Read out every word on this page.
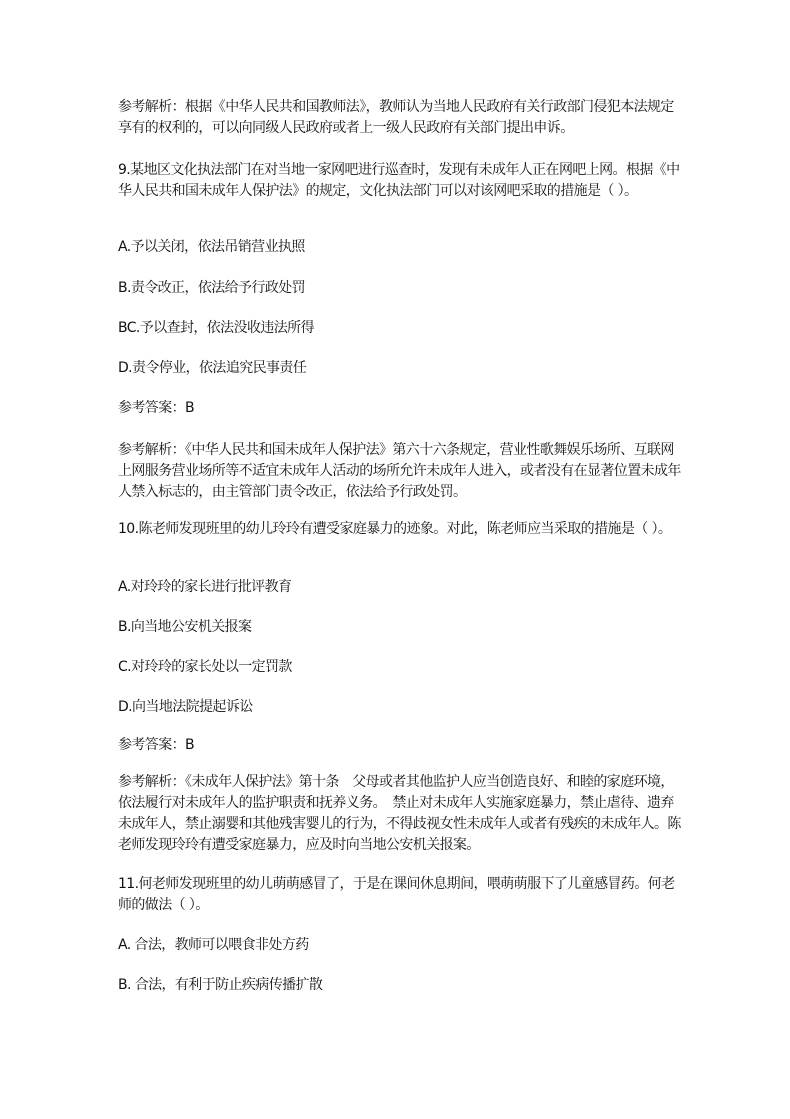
参考解析：根据《中华人民共和国教师法》，教师认为当地人民政府有关行政部门侵犯本法规定享有的权利的，可以向同级人民政府或者上一级人民政府有关部门提出申诉。

9.某地区文化执法部门在对当地一家网吧进行巡查时，发现有未成年人正在网吧上网。根据《中华人民共和国未成年人保护法》的规定，文化执法部门可以对该网吧采取的措施是（ ）。

A.予以关闭，依法吊销营业执照

B.责令改正，依法给予行政处罚

BC.予以查封，依法没收违法所得

D.责令停业，依法追究民事责任

参考答案：B

参考解析：《中华人民共和国未成年人保护法》第六十六条规定，营业性歌舞娱乐场所、互联网上网服务营业场所等不适宜未成年人活动的场所允许未成年人进入，或者没有在显著位置未成年人禁入标志的，由主管部门责令改正，依法给予行政处罚。

10.陈老师发现班里的幼儿玲玲有遭受家庭暴力的迹象。对此，陈老师应当采取的措施是（ ）。

A.对玲玲的家长进行批评教育

B.向当地公安机关报案

C.对玲玲的家长处以一定罚款

D.向当地法院提起诉讼

参考答案：B

参考解析：《未成年人保护法》第十条　父母或者其他监护人应当创造良好、和睦的家庭环境，依法履行对未成年人的监护职责和抚养义务。　禁止对未成年人实施家庭暴力，禁止虐待、遗弃未成年人，禁止溺婴和其他残害婴儿的行为，不得歧视女性未成年人或者有残疾的未成年人。陈老师发现玲玲有遭受家庭暴力，应及时向当地公安机关报案。

11.何老师发现班里的幼儿萌萌感冒了，于是在课间休息期间，喂萌萌服下了儿童感冒药。何老师的做法（ ）。

A. 合法，教师可以喂食非处方药

B. 合法，有利于防止疾病传播扩散
